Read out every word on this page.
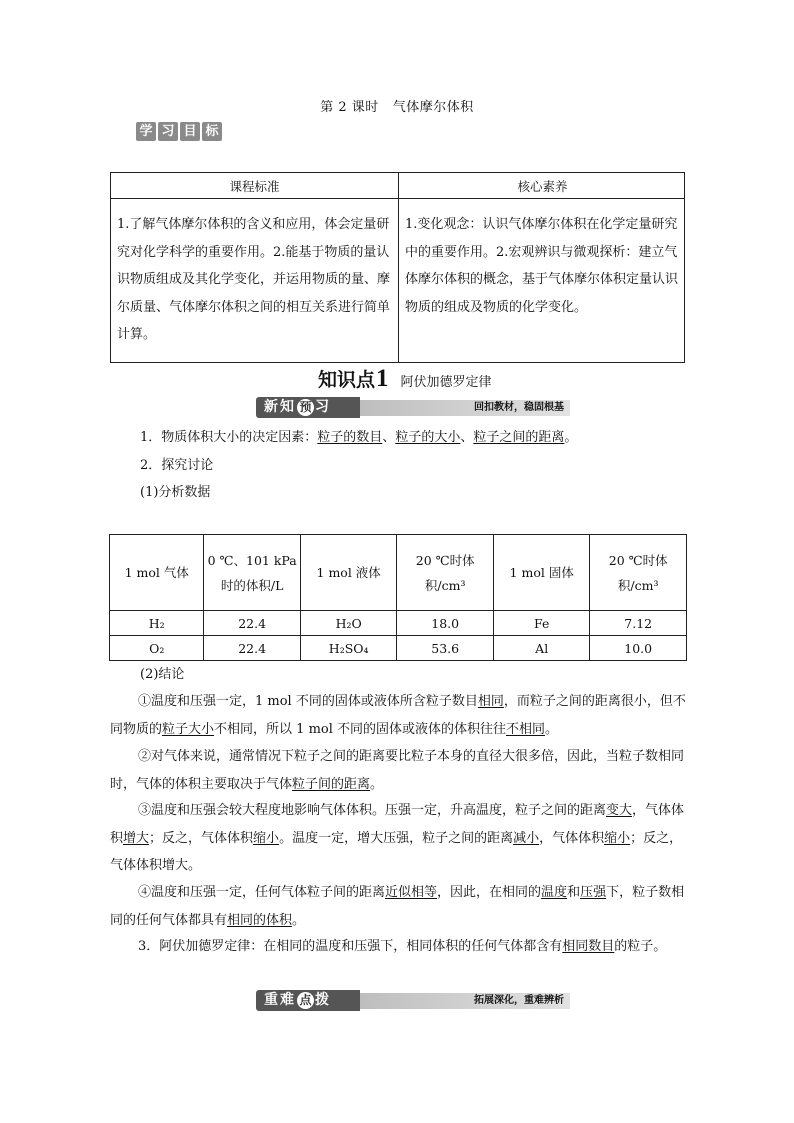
第 2 课时 气体摩尔体积
学 习 目 标
课程标准	核心素养
1.了解气体摩尔体积的含义和应用，体会定量研究对化学科学的重要作用。2.能基于物质的量认识物质组成及其化学变化，并运用物质的量、摩尔质量、气体摩尔体积之间的相互关系进行简单计算。
1.变化观念：认识气体摩尔体积在化学定量研究中的重要作用。2.宏观辨识与微观探析：建立气体摩尔体积的概念，基于气体摩尔体积定量认识物质的组成及物质的化学变化。
知识点 1 阿伏加德罗定律
新知 预 习	回扣教材，稳固根基
1．物质体积大小的决定因素：粒子的数目、粒子的大小、粒子之间的距离。
2．探究讨论
(1)分析数据
1 mol 气体	0 ℃、101 kPa 时的体积/L	1 mol 液体	20 ℃时体积/cm³	1 mol 固体	20 ℃时体积/cm³
H₂	22.4	H₂O	18.0	Fe	7.12
O₂	22.4	H₂SO₄	53.6	Al	10.0
(2)结论
①温度和压强一定，1 mol 不同的固体或液体所含粒子数目相同，而粒子之间的距离很小，但不同物质的粒子大小不相同，所以 1 mol 不同的固体或液体的体积往往不相同。
②对气体来说，通常情况下粒子之间的距离要比粒子本身的直径大很多倍，因此，当粒子数相同时，气体的体积主要取决于气体粒子间的距离。
③温度和压强会较大程度地影响气体体积。压强一定，升高温度，粒子之间的距离变大，气体体积增大；反之，气体体积缩小。温度一定，增大压强，粒子之间的距离减小，气体体积缩小；反之，气体体积增大。
④温度和压强一定，任何气体粒子间的距离近似相等，因此，在相同的温度和压强下，粒子数相同的任何气体都具有相同的体积。
3．阿伏加德罗定律：在相同的温度和压强下，相同体积的任何气体都含有相同数目的粒子。
重难 点 拨	拓展深化，重难辨析
